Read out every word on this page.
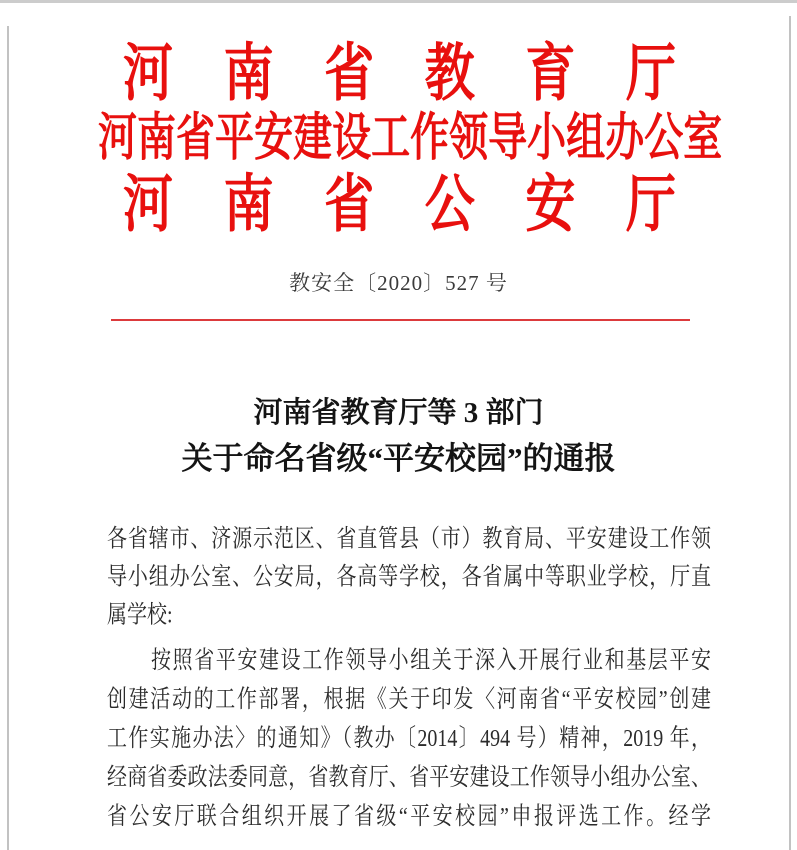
河 南 省 教 育 厅
河 南 省 平 安 建 设 工 作 领 导 小 组 办 公 室
河 南 省 公 安 厅
教安全〔2020〕527 号
河南省教育厅等 3 部门
关于命名省级“平安校园”的通报
各省辖市、济源示范区、省直管县（市）教育局、平安建设工作领
导小组办公室、公安局，各高等学校，各省属中等职业学校，厅直
属学校:
按照省平安建设工作领导小组关于深入开展行业和基层平安
创建活动的工作部署，根据《关于印发〈河南省“平安校园”创建
工作实施办法〉的通知》（教办〔2014〕494 号）精神，2019 年，
经商省委政法委同意，省教育厅、省平安建设工作领导小组办公室、
省公安厅联合组织开展了省级“平安校园”申报评选工作。经学
